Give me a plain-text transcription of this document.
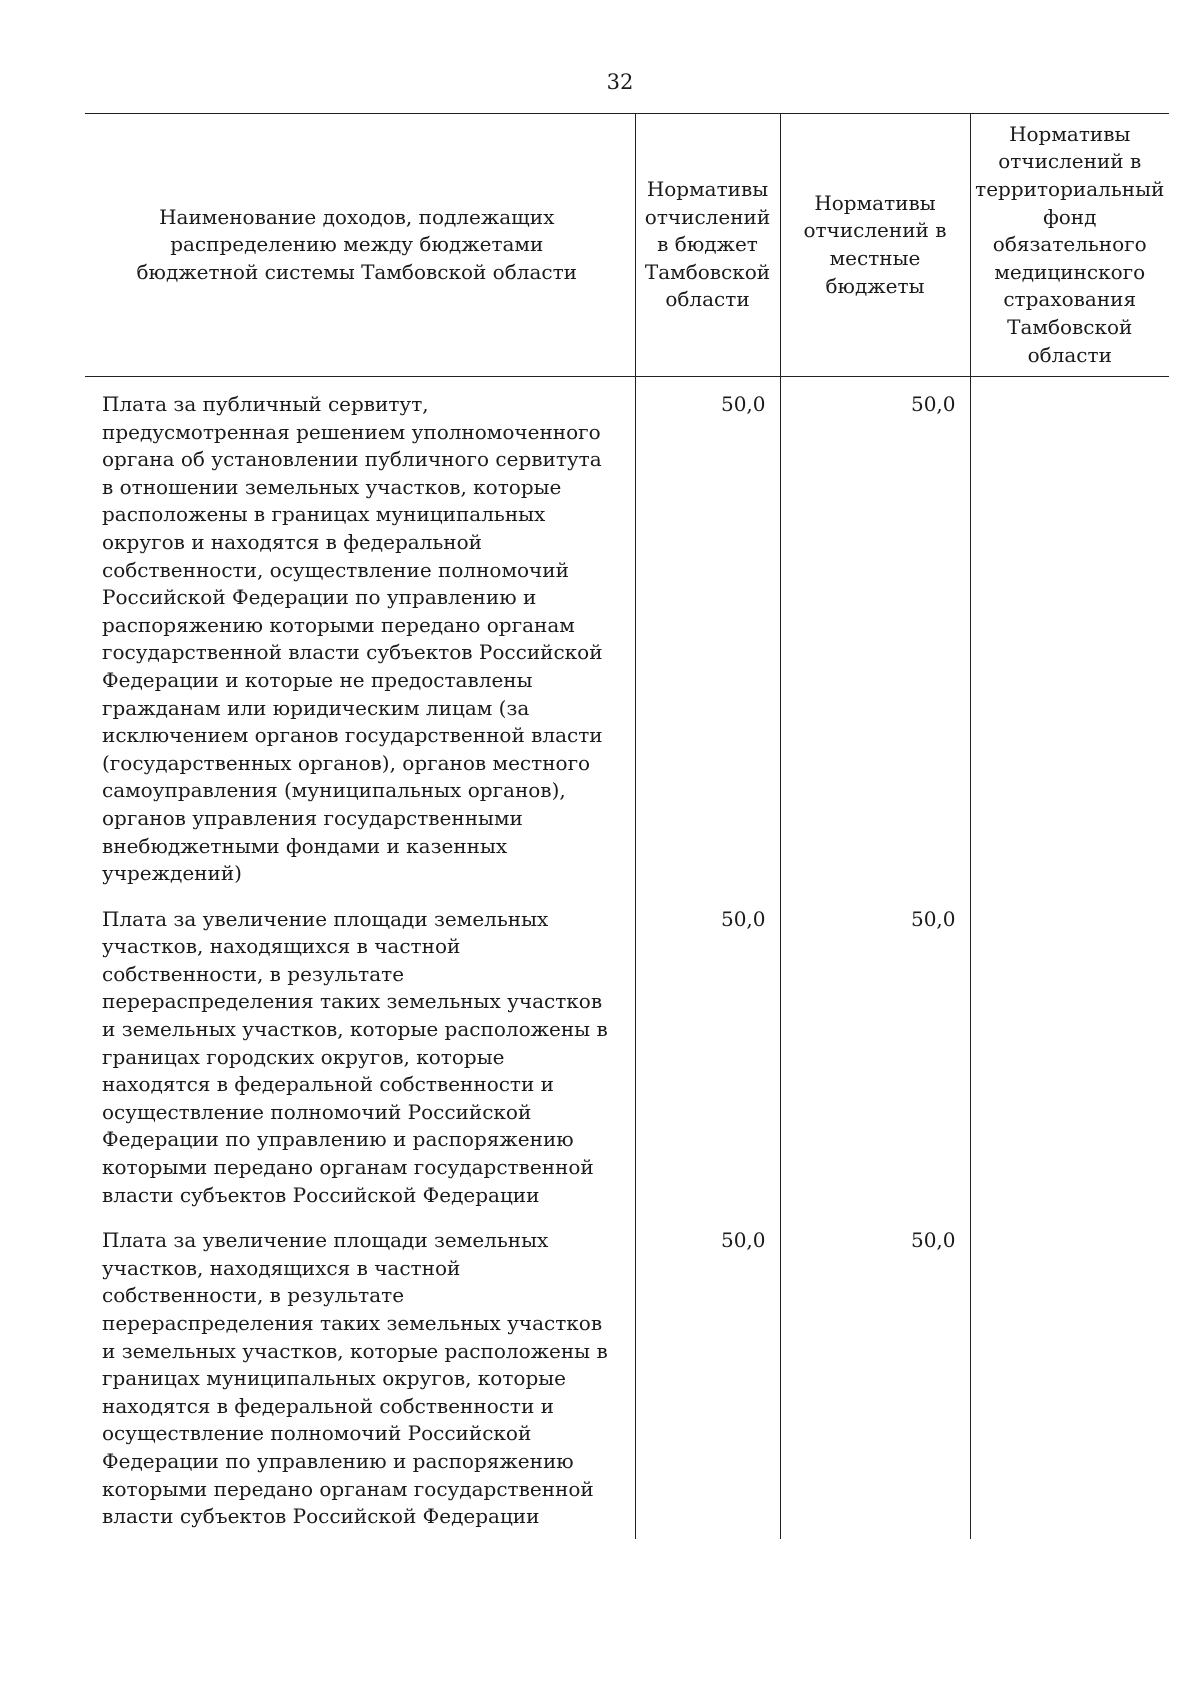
32
Наименование доходов, подлежащих распределению между бюджетами бюджетной системы Тамбовской области	Нормативы отчислений в бюджет Тамбовской области	Нормативы отчислений в местные бюджеты	Нормативы отчислений в территориальный фонд обязательного медицинского страхования Тамбовской области
Плата за публичный сервитут, предусмотренная решением уполномоченного органа об установлении публичного сервитута в отношении земельных участков, которые расположены в границах муниципальных округов и находятся в федеральной собственности, осуществление полномочий Российской Федерации по управлению и распоряжению которыми передано органам государственной власти субъектов Российской Федерации и которые не предоставлены гражданам или юридическим лицам (за исключением органов государственной власти (государственных органов), органов местного самоуправления (муниципальных органов), органов управления государственными внебюджетными фондами и казенных учреждений)	50,0	50,0	
Плата за увеличение площади земельных участков, находящихся в частной собственности, в результате перераспределения таких земельных участков и земельных участков, которые расположены в границах городских округов, которые находятся в федеральной собственности и осуществление полномочий Российской Федерации по управлению и распоряжению которыми передано органам государственной власти субъектов Российской Федерации	50,0	50,0	
Плата за увеличение площади земельных участков, находящихся в частной собственности, в результате перераспределения таких земельных участков и земельных участков, которые расположены в границах муниципальных округов, которые находятся в федеральной собственности и осуществление полномочий Российской Федерации по управлению и распоряжению которыми передано органам государственной власти субъектов Российской Федерации	50,0	50,0	
